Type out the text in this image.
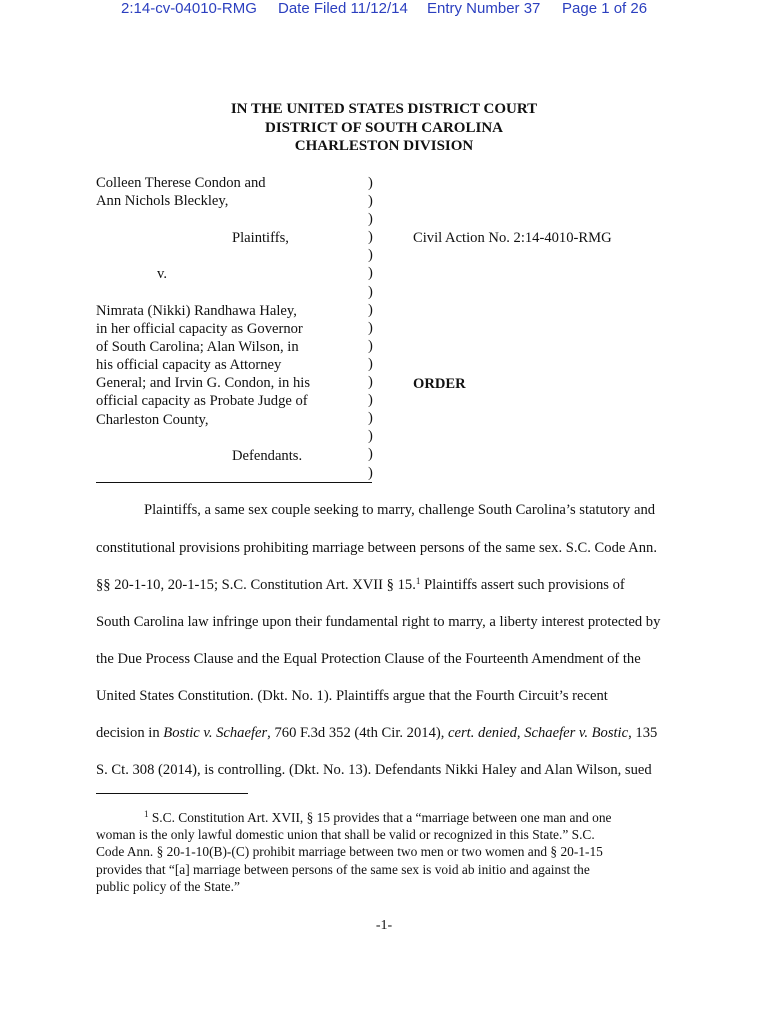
2:14-cv-04010-RMG Date Filed 11/12/14 Entry Number 37 Page 1 of 26
IN THE UNITED STATES DISTRICT COURT
DISTRICT OF SOUTH CAROLINA
CHARLESTON DIVISION
Colleen Therese Condon and
Ann Nichols Bleckley,
Plaintiffs,
v.
Nimrata (Nikki) Randhawa Haley,
in her official capacity as Governor
of South Carolina; Alan Wilson, in
his official capacity as Attorney
General; and Irvin G. Condon, in his
official capacity as Probate Judge of
Charleston County,
Defendants.
)
)
)
)
)
)
)
)
)
)
)
)
)
)
)
)
)
Civil Action No. 2:14-4010-RMG
ORDER
Plaintiffs, a same sex couple seeking to marry, challenge South Carolina’s statutory and
constitutional provisions prohibiting marriage between persons of the same sex. S.C. Code Ann.
§§ 20-1-10, 20-1-15; S.C. Constitution Art. XVII § 15.$^1$ Plaintiffs assert such provisions of
South Carolina law infringe upon their fundamental right to marry, a liberty interest protected by
the Due Process Clause and the Equal Protection Clause of the Fourteenth Amendment of the
United States Constitution. (Dkt. No. 1). Plaintiffs argue that the Fourth Circuit’s recent
decision in Bostic v. Schaefer, 760 F.3d 352 (4th Cir. 2014), cert. denied, Schaefer v. Bostic, 135
S. Ct. 308 (2014), is controlling. (Dkt. No. 13). Defendants Nikki Haley and Alan Wilson, sued
$^1$ S.C. Constitution Art. XVII, § 15 provides that a “marriage between one man and one
woman is the only lawful domestic union that shall be valid or recognized in this State.” S.C.
Code Ann. § 20-1-10(B)-(C) prohibit marriage between two men or two women and § 20-1-15
provides that “[a] marriage between persons of the same sex is void ab initio and against the
public policy of the State.”
-1-
